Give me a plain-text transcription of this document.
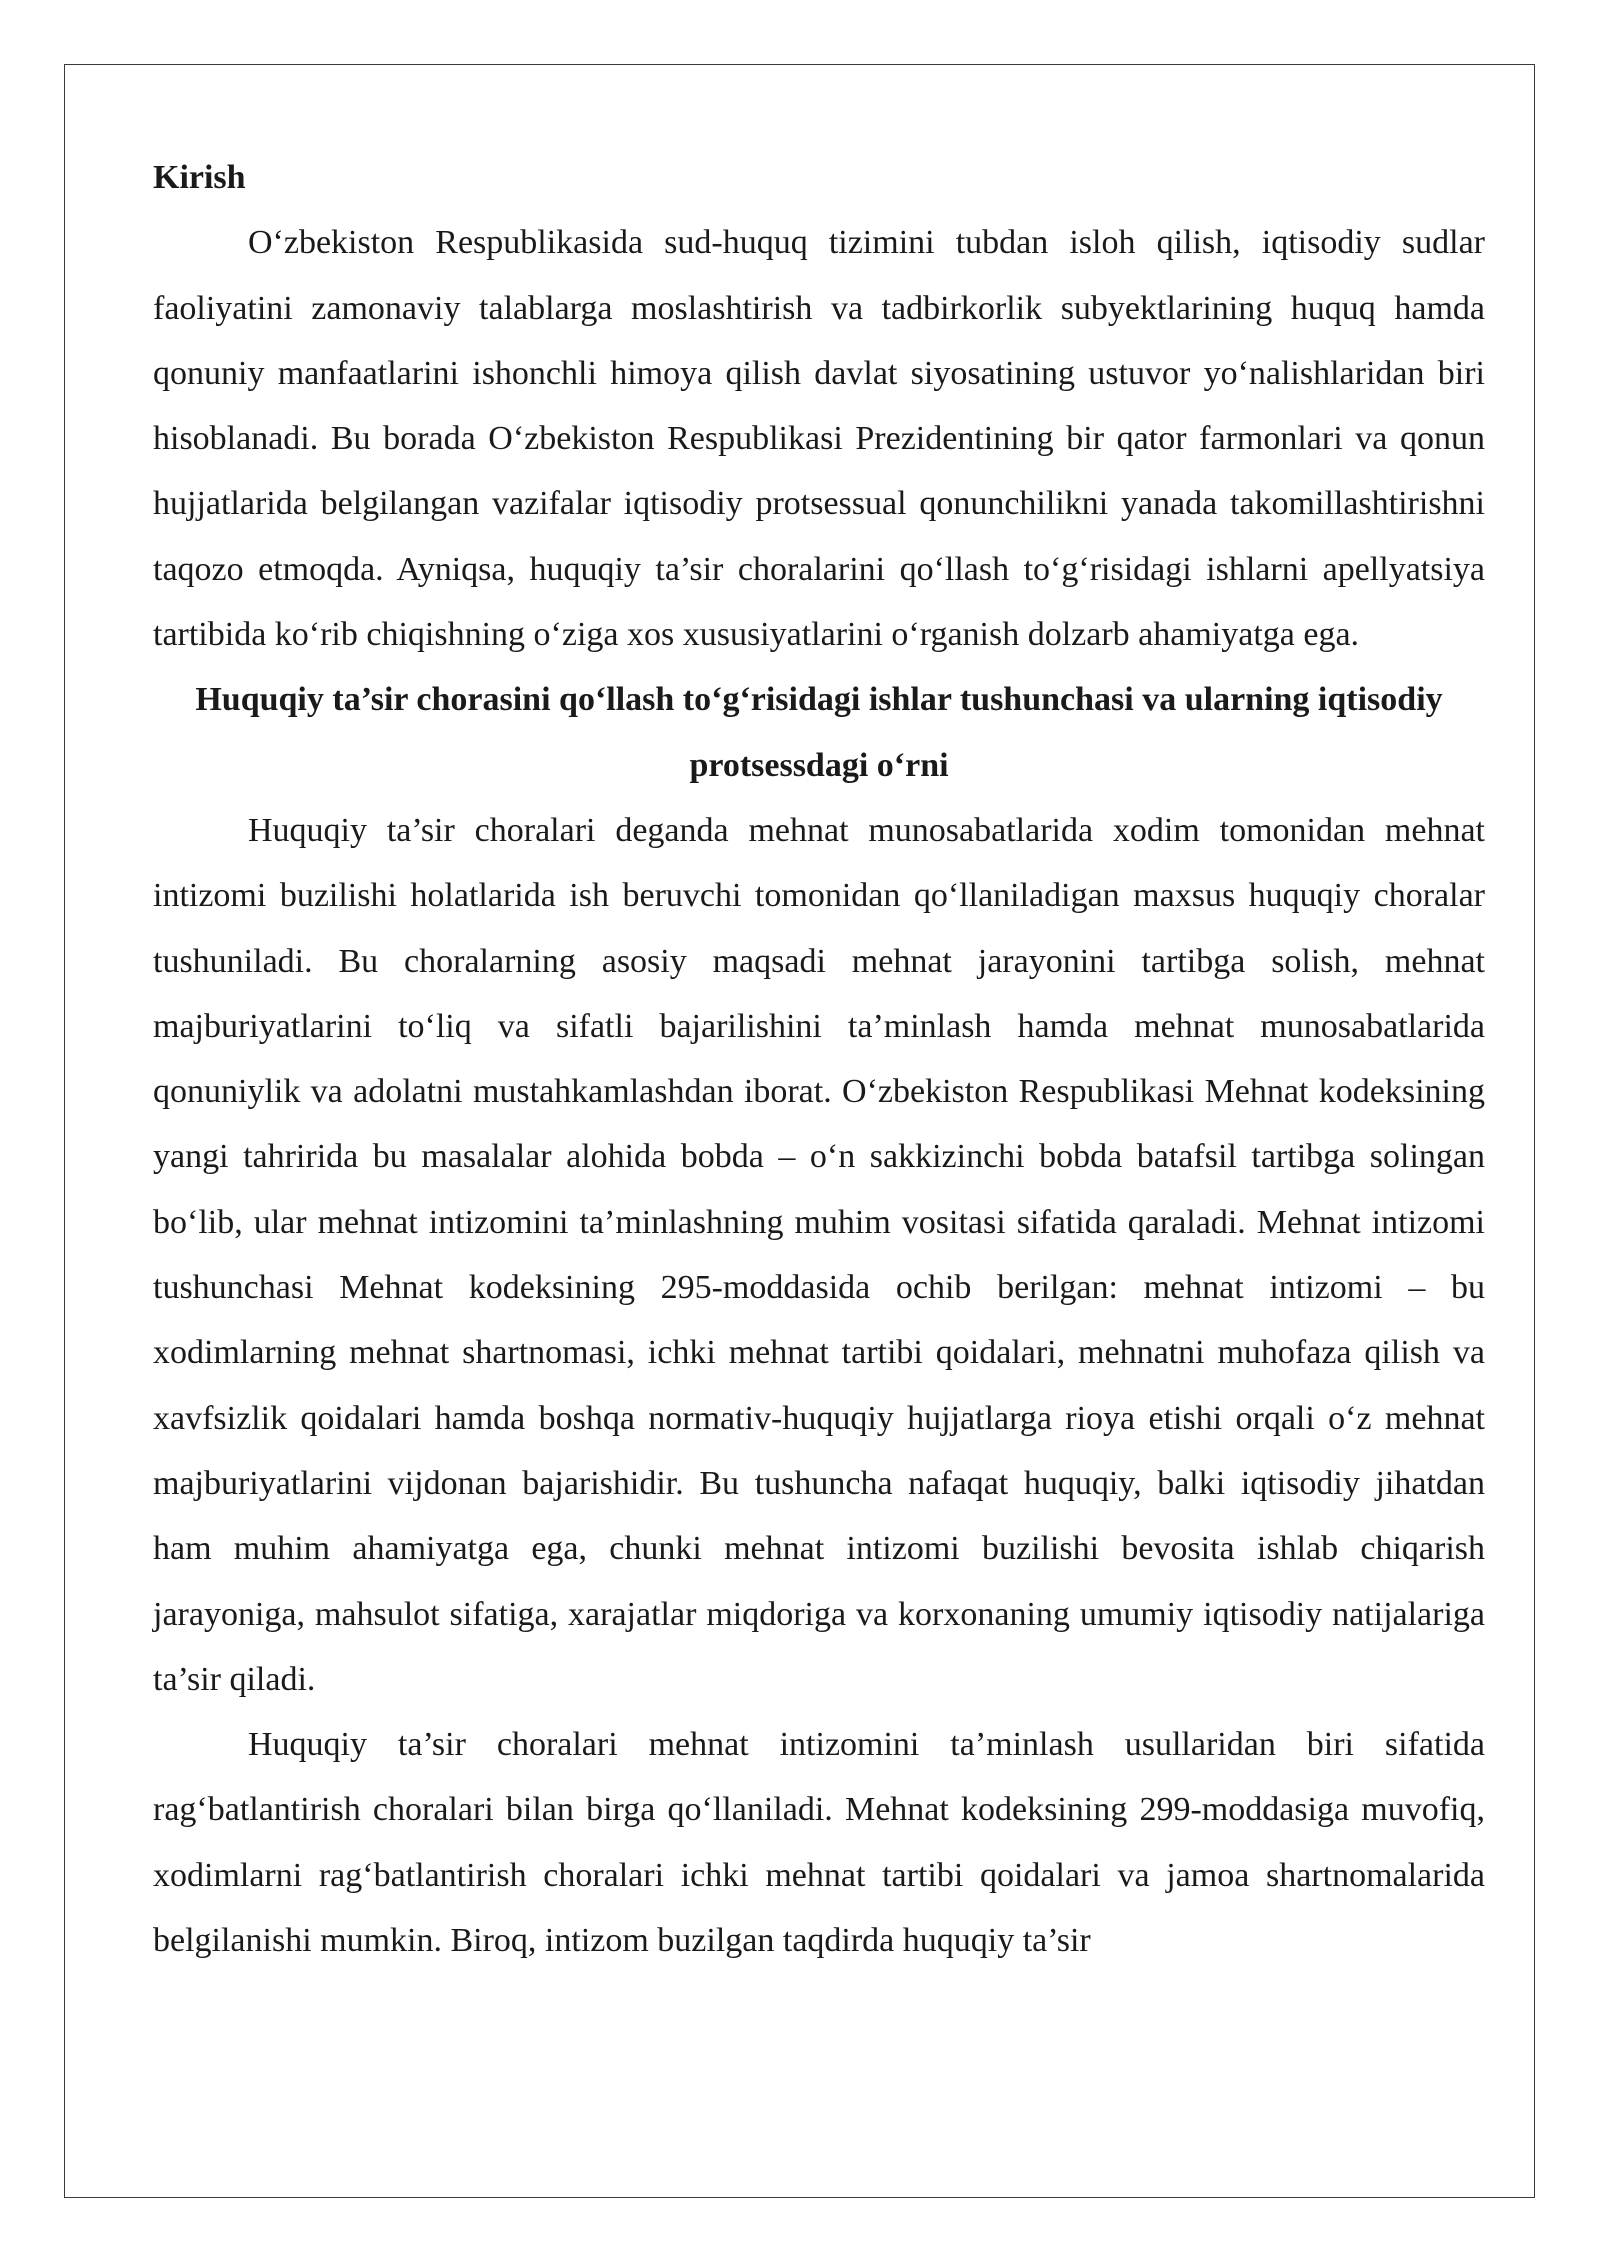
Kirish

O‘zbekiston Respublikasida sud-huquq tizimini tubdan isloh qilish, iqtisodiy sudlar faoliyatini zamonaviy talablarga moslashtirish va tadbirkorlik subyektlarining huquq hamda qonuniy manfaatlarini ishonchli himoya qilish davlat siyosatining ustuvor yo‘nalishlaridan biri hisoblanadi. Bu borada O‘zbekiston Respublikasi Prezidentining bir qator farmonlari va qonun hujjatlarida belgilangan vazifalar iqtisodiy protsessual qonunchilikni yanada takomillashtirishni taqozo etmoqda. Ayniqsa, huquqiy ta’sir choralarini qo‘llash to‘g‘risidagi ishlarni apellyatsiya tartibida ko‘rib chiqishning o‘ziga xos xususiyatlarini o‘rganish dolzarb ahamiyatga ega.

Huquqiy ta’sir chorasini qo‘llash to‘g‘risidagi ishlar tushunchasi va ularning iqtisodiy protsessdagi o‘rni

Huquqiy ta’sir choralari deganda mehnat munosabatlarida xodim tomonidan mehnat intizomi buzilishi holatlarida ish beruvchi tomonidan qo‘llaniladigan maxsus huquqiy choralar tushuniladi. Bu choralarning asosiy maqsadi mehnat jarayonini tartibga solish, mehnat majburiyatlarini to‘liq va sifatli bajarilishini ta’minlash hamda mehnat munosabatlarida qonuniylik va adolatni mustahkamlashdan iborat. O‘zbekiston Respublikasi Mehnat kodeksining yangi tahririda bu masalalar alohida bobda – o‘n sakkizinchi bobda batafsil tartibga solingan bo‘lib, ular mehnat intizomini ta’minlashning muhim vositasi sifatida qaraladi. Mehnat intizomi tushunchasi Mehnat kodeksining 295-moddasida ochib berilgan: mehnat intizomi – bu xodimlarning mehnat shartnomasi, ichki mehnat tartibi qoidalari, mehnatni muhofaza qilish va xavfsizlik qoidalari hamda boshqa normativ-huquqiy hujjatlarga rioya etishi orqali o‘z mehnat majburiyatlarini vijdonan bajarishidir. Bu tushuncha nafaqat huquqiy, balki iqtisodiy jihatdan ham muhim ahamiyatga ega, chunki mehnat intizomi buzilishi bevosita ishlab chiqarish jarayoniga, mahsulot sifatiga, xarajatlar miqdoriga va korxonaning umumiy iqtisodiy natijalariga ta’sir qiladi.

Huquqiy ta’sir choralari mehnat intizomini ta’minlash usullaridan biri sifatida rag‘batlantirish choralari bilan birga qo‘llaniladi. Mehnat kodeksining 299-moddasiga muvofiq, xodimlarni rag‘batlantirish choralari ichki mehnat tartibi qoidalari va jamoa shartnomalarida belgilanishi mumkin. Biroq, intizom buzilgan taqdirda huquqiy ta’sir
